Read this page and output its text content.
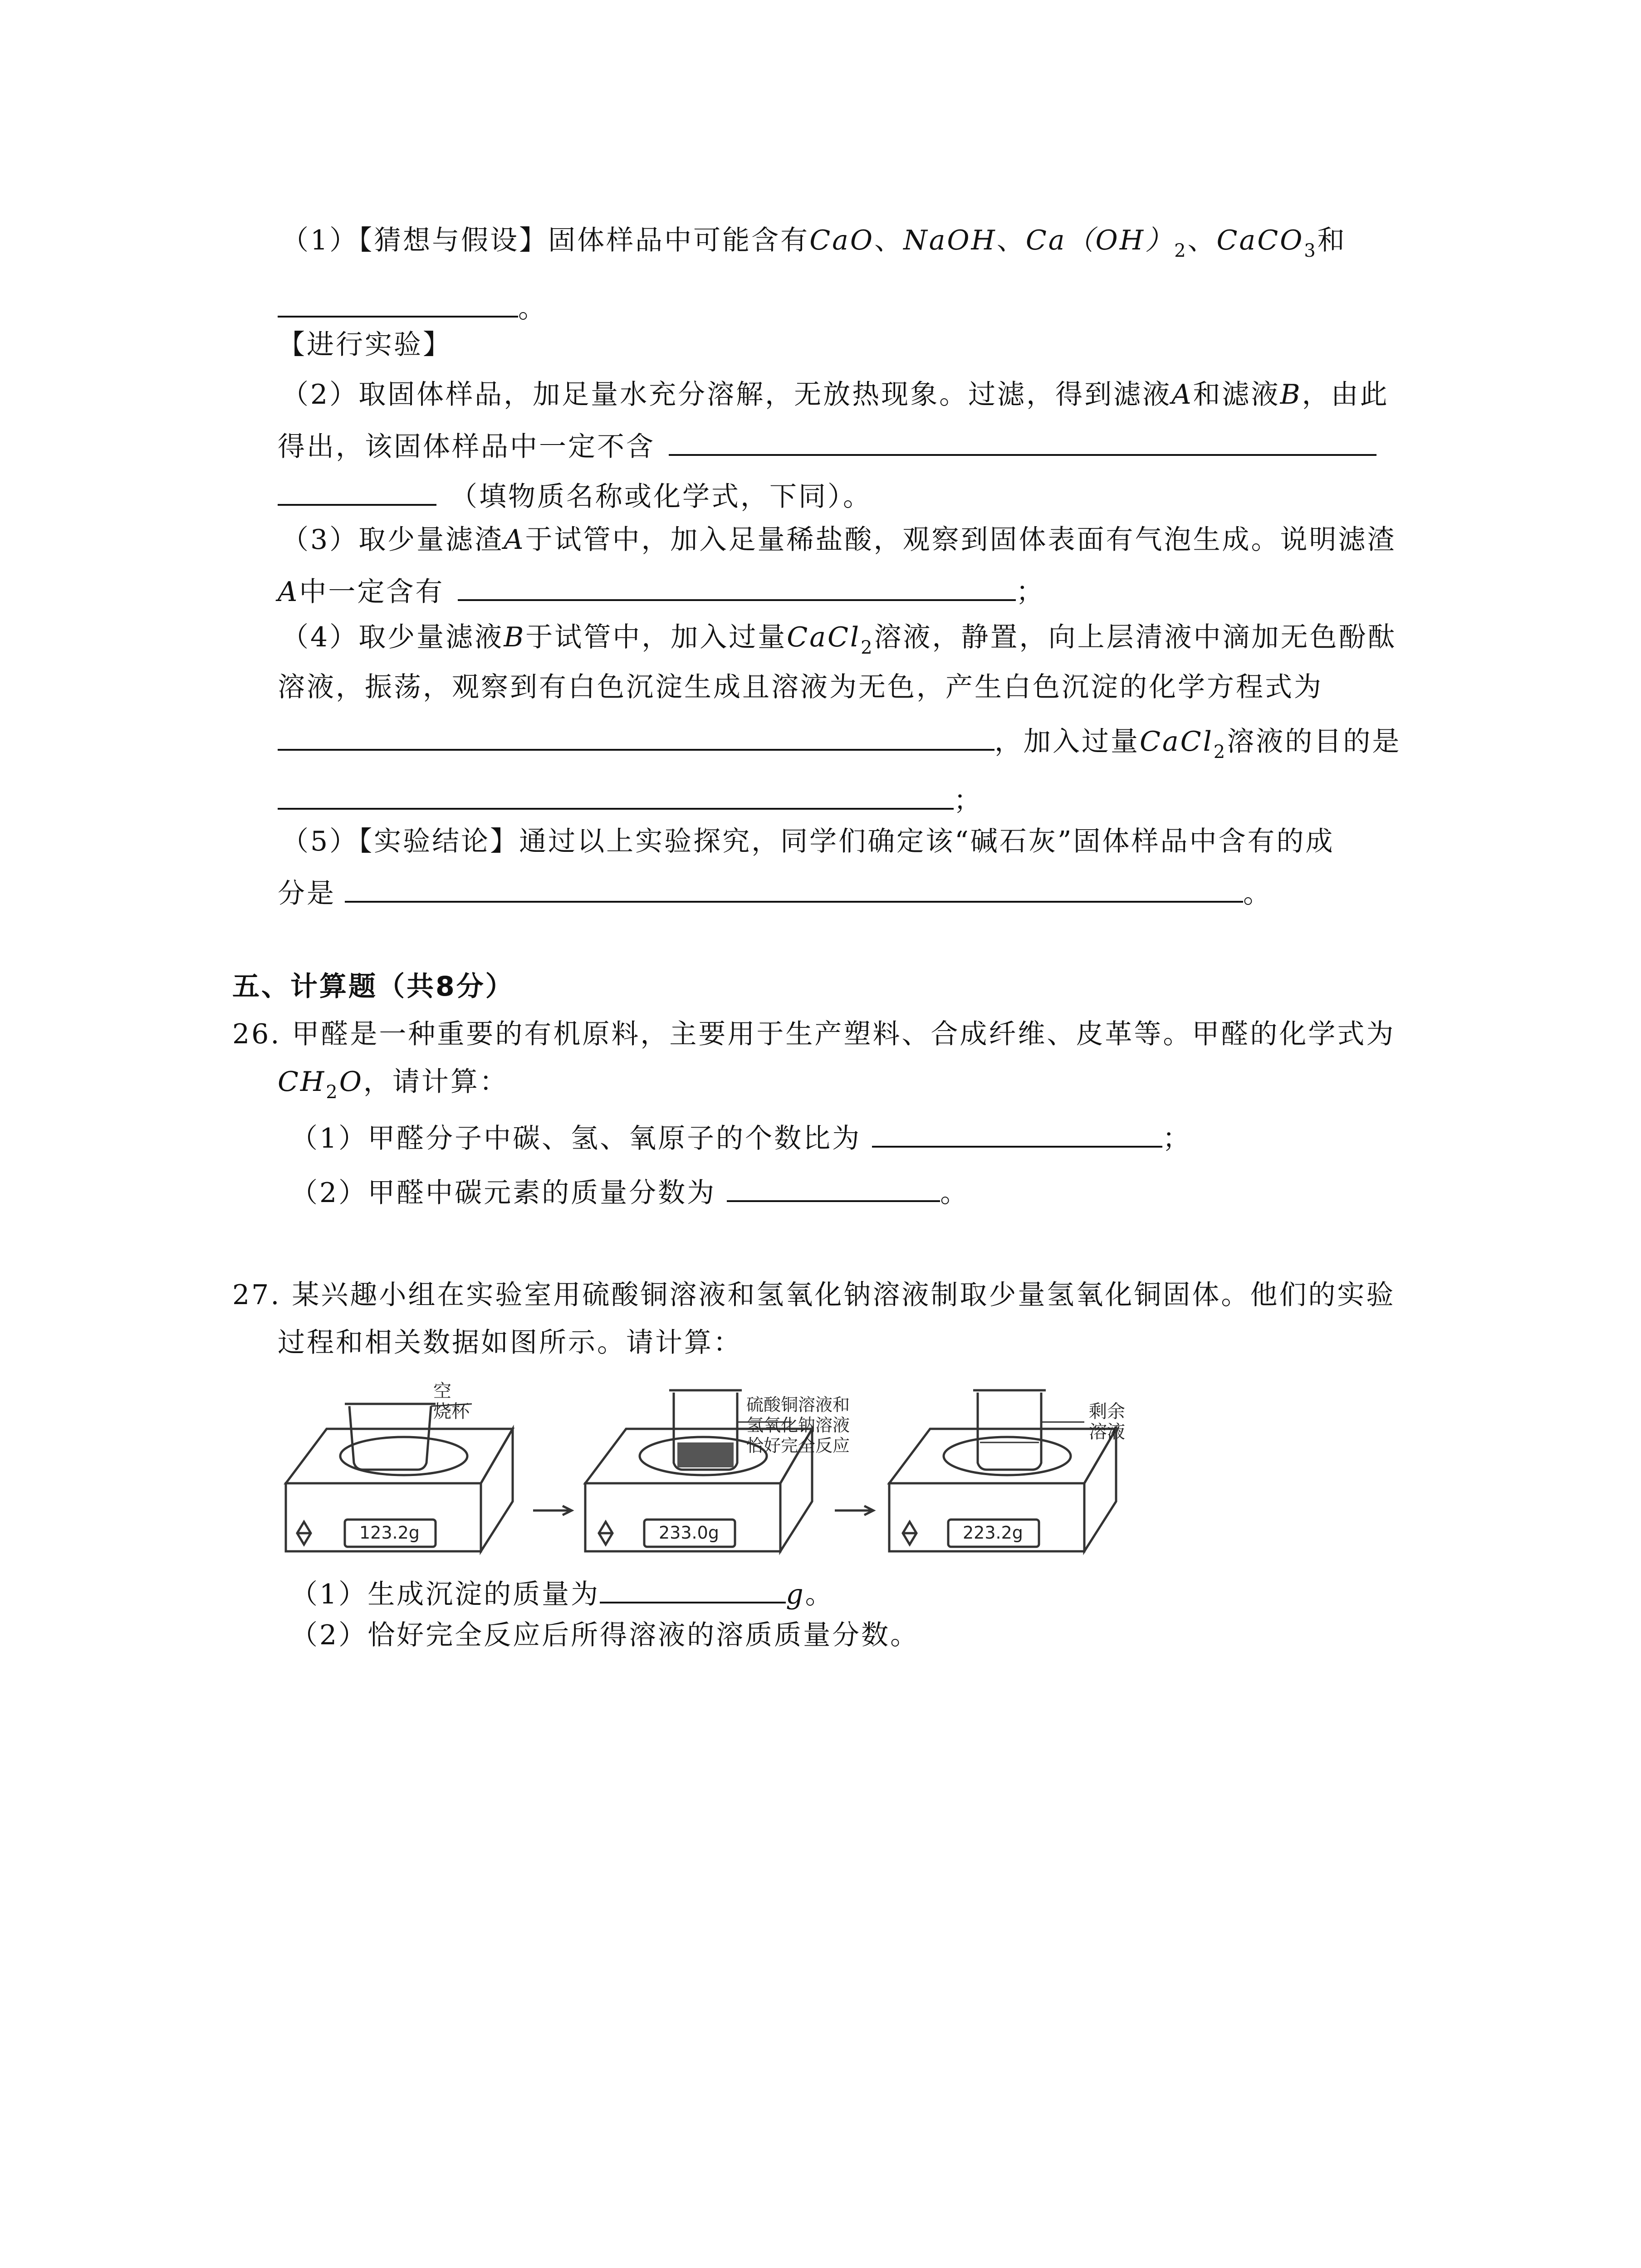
（1）【猜想与假设】固体样品中可能含有CaO、NaOH、$Ca(OH)_2$、CaCO$_3$和
。
【进行实验】
（2）取固体样品，加足量水充分溶解，无放热现象。过滤，得到滤液A和滤液B，由此
得出，该固体样品中一定不含
（填物质名称或化学式，下同）。
（3）取少量滤渣A于试管中，加入足量稀盐酸，观察到固体表面有气泡生成。说明滤渣
A中一定含有	；
（4）取少量滤液B于试管中，加入过量CaCl$_2$溶液，静置，向上层清液中滴加无色酚酞
溶液，振荡，观察到有白色沉淀生成且溶液为无色，产生白色沉淀的化学方程式为
，加入过量CaCl$_2$溶液的目的是
；
（5）【实验结论】通过以上实验探究，同学们确定该“碱石灰”固体样品中含有的成
分是	。
五、计算题（共8分）
26. 甲醛是一种重要的有机原料，主要用于生产塑料、合成纤维、皮革等。甲醛的化学式为
$CH_2O$，请计算：
（1）甲醛分子中碳、氢、氧原子的个数比为	；
（2）甲醛中碳元素的质量分数为	。
27. 某兴趣小组在实验室用硫酸铜溶液和氢氧化钠溶液制取少量氢氧化铜固体。他们的实验
过程和相关数据如图所示。请计算：
空
烧杯	硫酸铜溶液和
氢氧化钠溶液
恰好完全反应
剩余
溶液
123.2g	233.0g	223.2g
（1）生成沉淀的质量为	g。
（2）恰好完全反应后所得溶液的溶质质量分数。
